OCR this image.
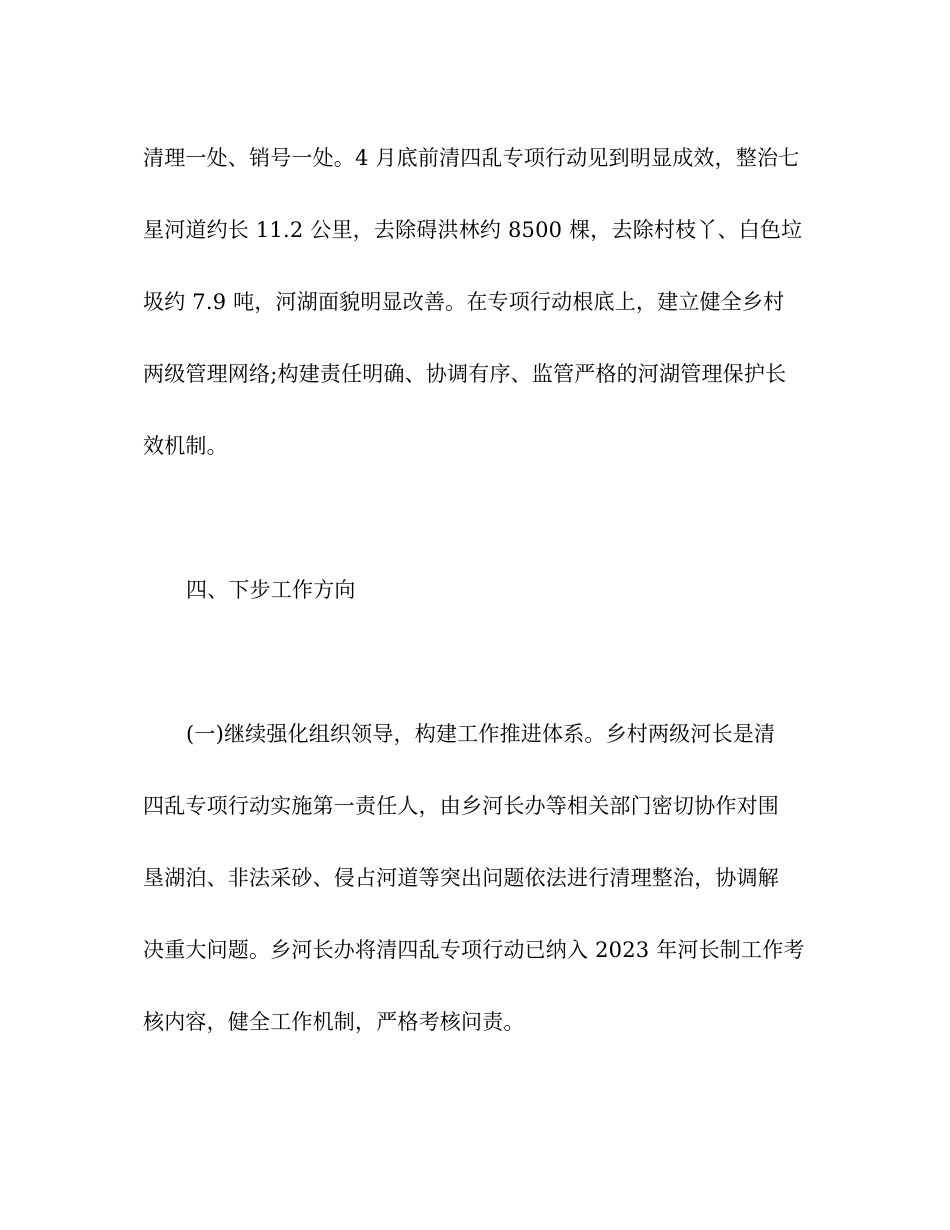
清理一处、销号一处。4 月底前清四乱专项行动见到明显成效，整治七
星河道约长 11.2 公里，去除碍洪林约 8500 棵，去除村枝丫、白色垃
圾约 7.9 吨，河湖面貌明显改善。在专项行动根底上，建立健全乡村
两级管理网络;构建责任明确、协调有序、监管严格的河湖管理保护长
效机制。
四、下步工作方向
(一)继续强化组织领导，构建工作推进体系。乡村两级河长是清
四乱专项行动实施第一责任人，由乡河长办等相关部门密切协作对围
垦湖泊、非法采砂、侵占河道等突出问题依法进行清理整治，协调解
决重大问题。乡河长办将清四乱专项行动已纳入 2023 年河长制工作考
核内容，健全工作机制，严格考核问责。
